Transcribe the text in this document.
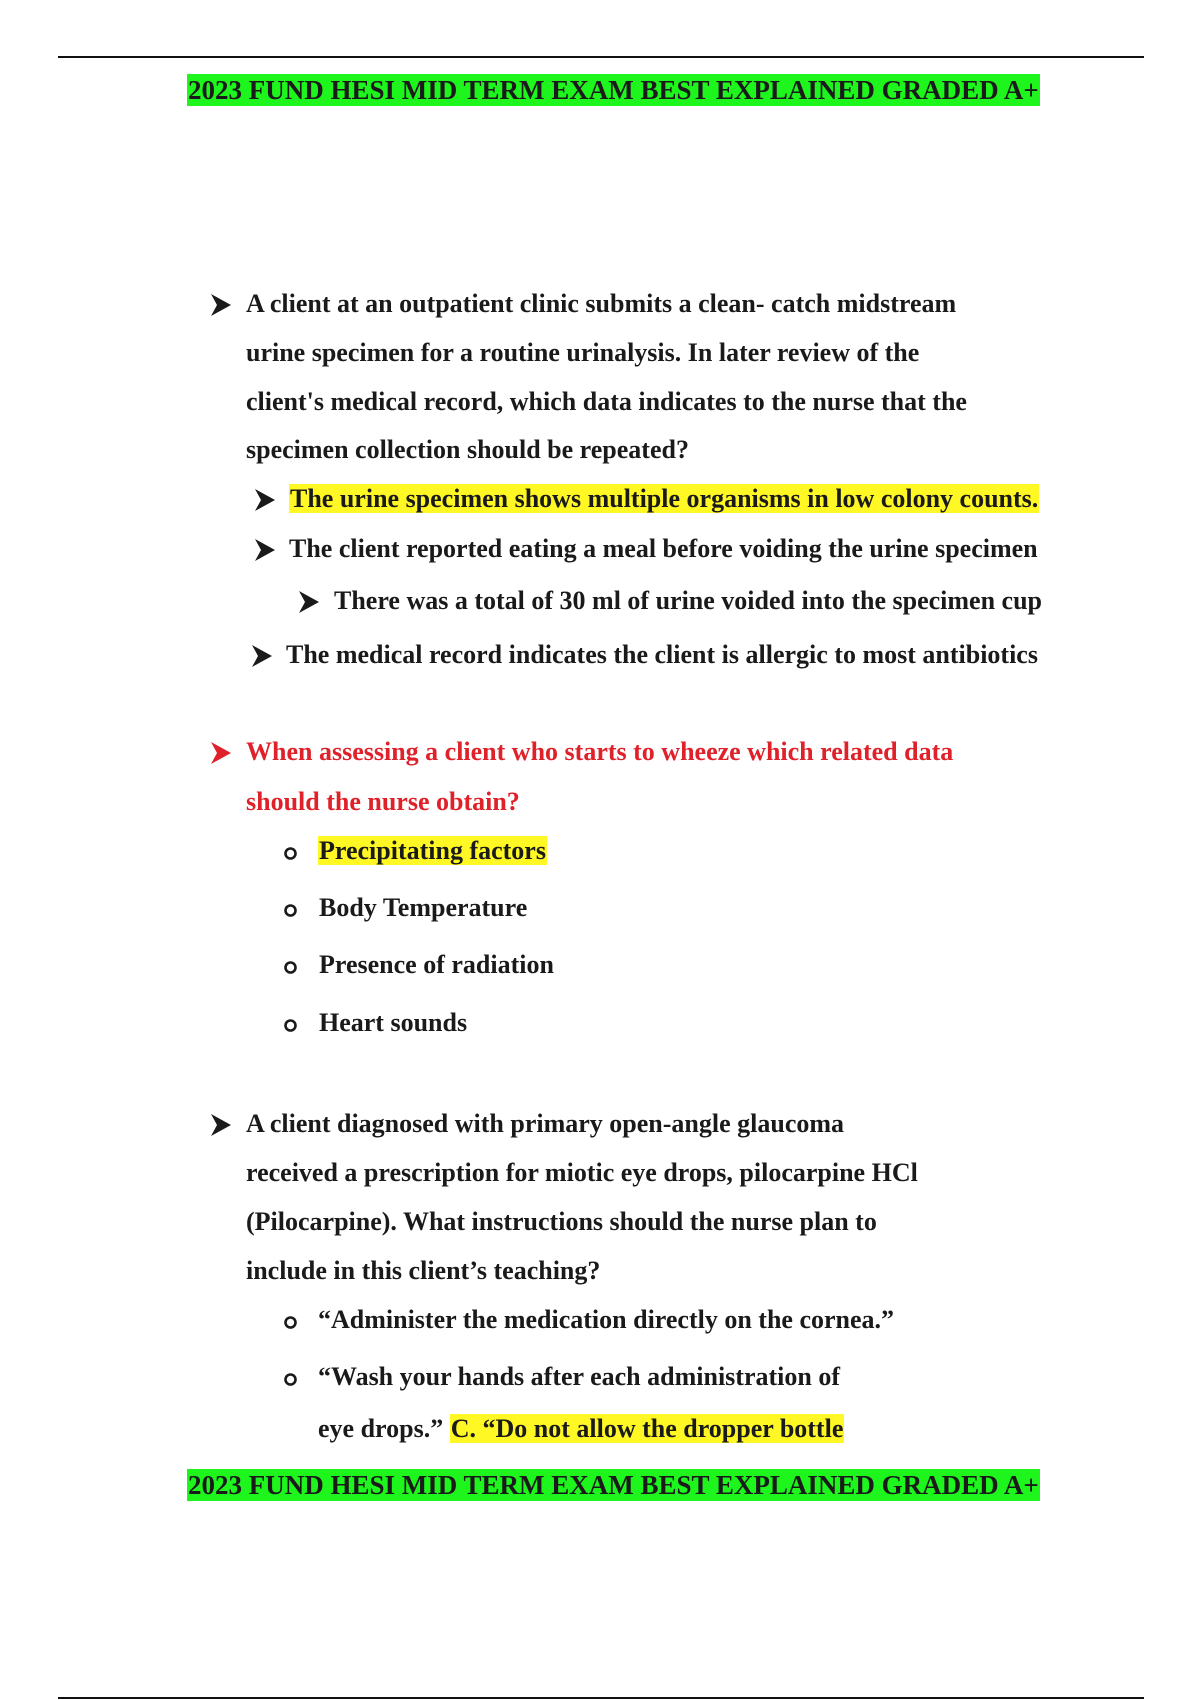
2023 FUND HESI MID TERM EXAM BEST EXPLAINED GRADED A+
A client at an outpatient clinic submits a clean- catch midstream
urine specimen for a routine urinalysis. In later review of the
client's medical record, which data indicates to the nurse that the
specimen collection should be repeated?
The urine specimen shows multiple organisms in low colony counts.
The client reported eating a meal before voiding the urine specimen
There was a total of 30 ml of urine voided into the specimen cup
The medical record indicates the client is allergic to most antibiotics
When assessing a client who starts to wheeze which related data
should the nurse obtain?
Precipitating factors
Body Temperature
Presence of radiation
Heart sounds
A client diagnosed with primary open-angle glaucoma
received a prescription for miotic eye drops, pilocarpine HCl
(Pilocarpine). What instructions should the nurse plan to
include in this client’s teaching?
“Administer the medication directly on the cornea.”
“Wash your hands after each administration of
eye drops.” C. “Do not allow the dropper bottle
2023 FUND HESI MID TERM EXAM BEST EXPLAINED GRADED A+
